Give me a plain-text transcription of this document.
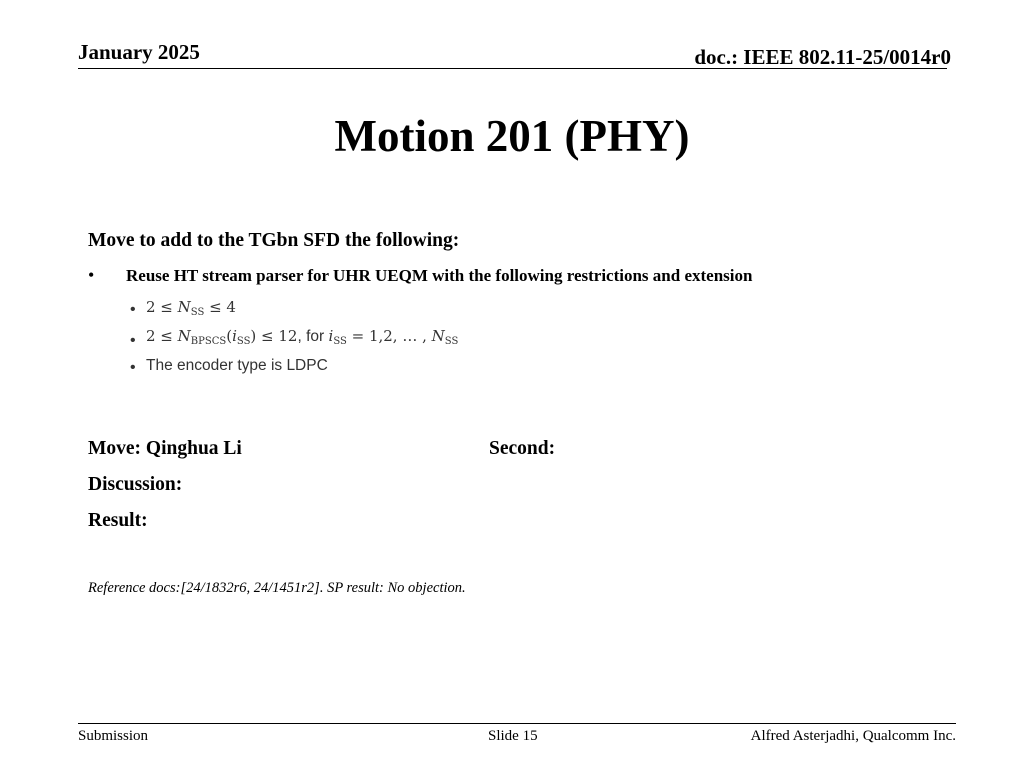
January 2025	doc.: IEEE 802.11-25/0014r0
Motion 201 (PHY)
Move to add to the TGbn SFD the following:
• Reuse HT stream parser for UHR UEQM with the following restrictions and extension
• $2 \le N_{SS} \le 4$
• $2 \le N_{BPSCS}(i_{SS}) \le 12$, for $i_{SS} = 1,2$, … , $N_{SS}$
• The encoder type is LDPC
Move: Qinghua Li	Second:
Discussion:
Result:
Reference docs:[24/1832r6, 24/1451r2]. SP result: No objection.
Submission	Slide 15	Alfred Asterjadhi, Qualcomm Inc.
